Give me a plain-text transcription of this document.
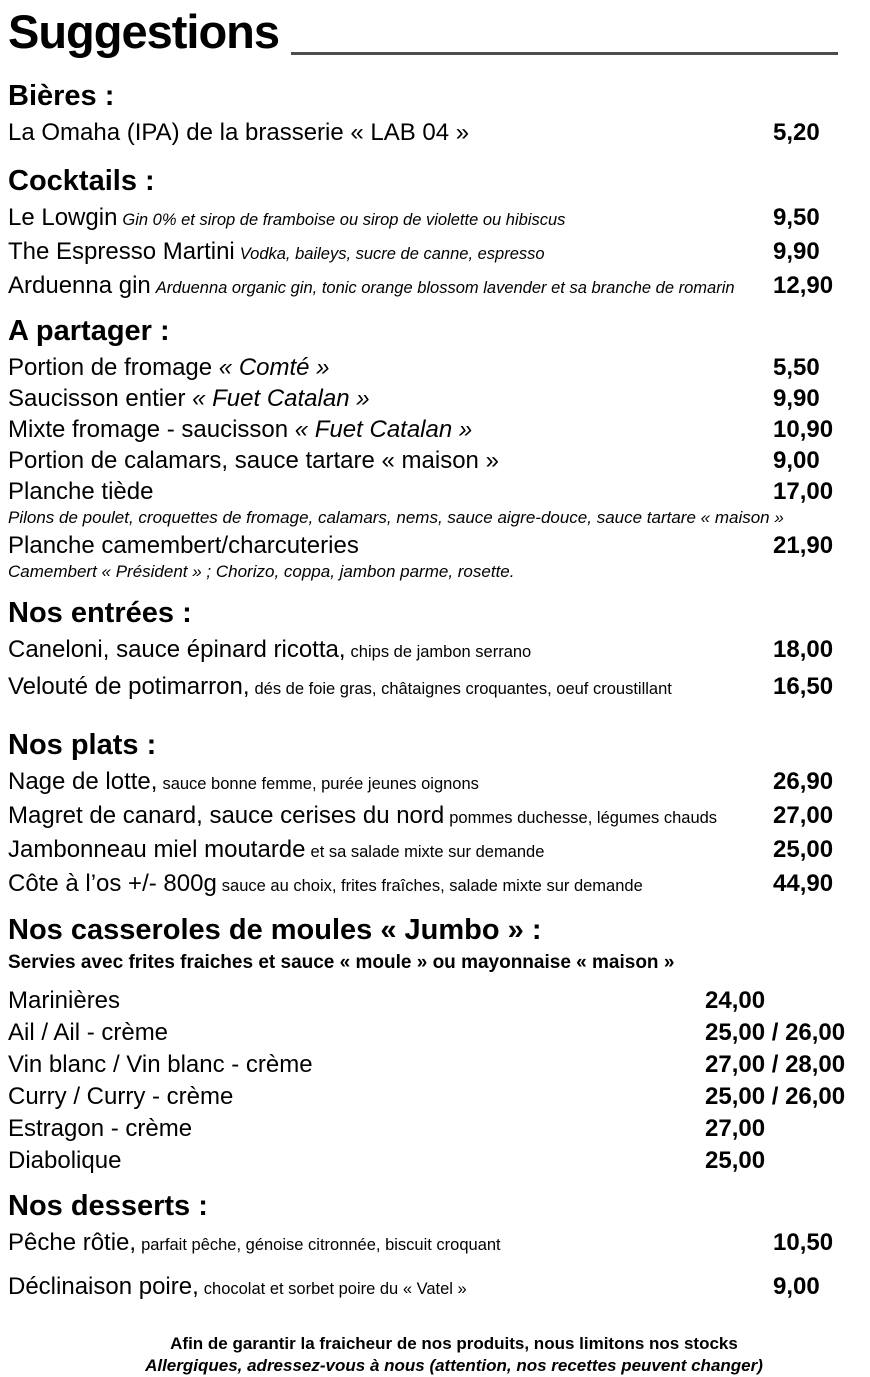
Suggestions
Bières :
La Omaha (IPA) de la brasserie « LAB 04 »	5,20
Cocktails :
Le Lowgin Gin 0% et sirop de framboise ou sirop de violette ou hibiscus	9,50
The Espresso Martini Vodka, baileys, sucre de canne, espresso	9,90
Arduenna gin Arduenna organic gin, tonic orange blossom lavender et sa branche de romarin 12,90
A partager :
Portion de fromage « Comté »	5,50
Saucisson entier « Fuet Catalan »	9,90
Mixte fromage - saucisson « Fuet Catalan »	10,90
Portion de calamars, sauce tartare « maison »	9,00
Planche tiède	17,00
Pilons de poulet, croquettes de fromage, calamars, nems, sauce aigre-douce, sauce tartare « maison »
Planche camembert/charcuteries	21,90
Camembert « Président » ; Chorizo, coppa, jambon parme, rosette.
Nos entrées :
Caneloni, sauce épinard ricotta, chips de jambon serrano	18,00
Velouté de potimarron, dés de foie gras, châtaignes croquantes, oeuf croustillant	16,50
Nos plats :
Nage de lotte, sauce bonne femme, purée jeunes oignons	26,90
Magret de canard, sauce cerises du nord pommes duchesse, légumes chauds 27,00
Jambonneau miel moutarde et sa salade mixte sur demande	25,00
Côte à l’os +/- 800g sauce au choix, frites fraîches, salade mixte sur demande	44,90
Nos casseroles de moules « Jumbo » :

Servies avec frites fraiches et sauce « moule » ou mayonnaise « maison »

Marinières	24,00
Ail / Ail - crème	25,00 / 26,00
Vin blanc / Vin blanc - crème	27,00 / 28,00
Curry / Curry - crème	25,00 / 26,00
Estragon - crème	27,00
Diabolique	25,00
Nos desserts :
Pêche rôtie, parfait pêche, génoise citronnée, biscuit croquant	10,50
Déclinaison poire, chocolat et sorbet poire du « Vatel »	9,00
Afin de garantir la fraicheur de nos produits, nous limitons nos stocks
Allergiques, adressez-vous à nous (attention, nos recettes peuvent changer)
